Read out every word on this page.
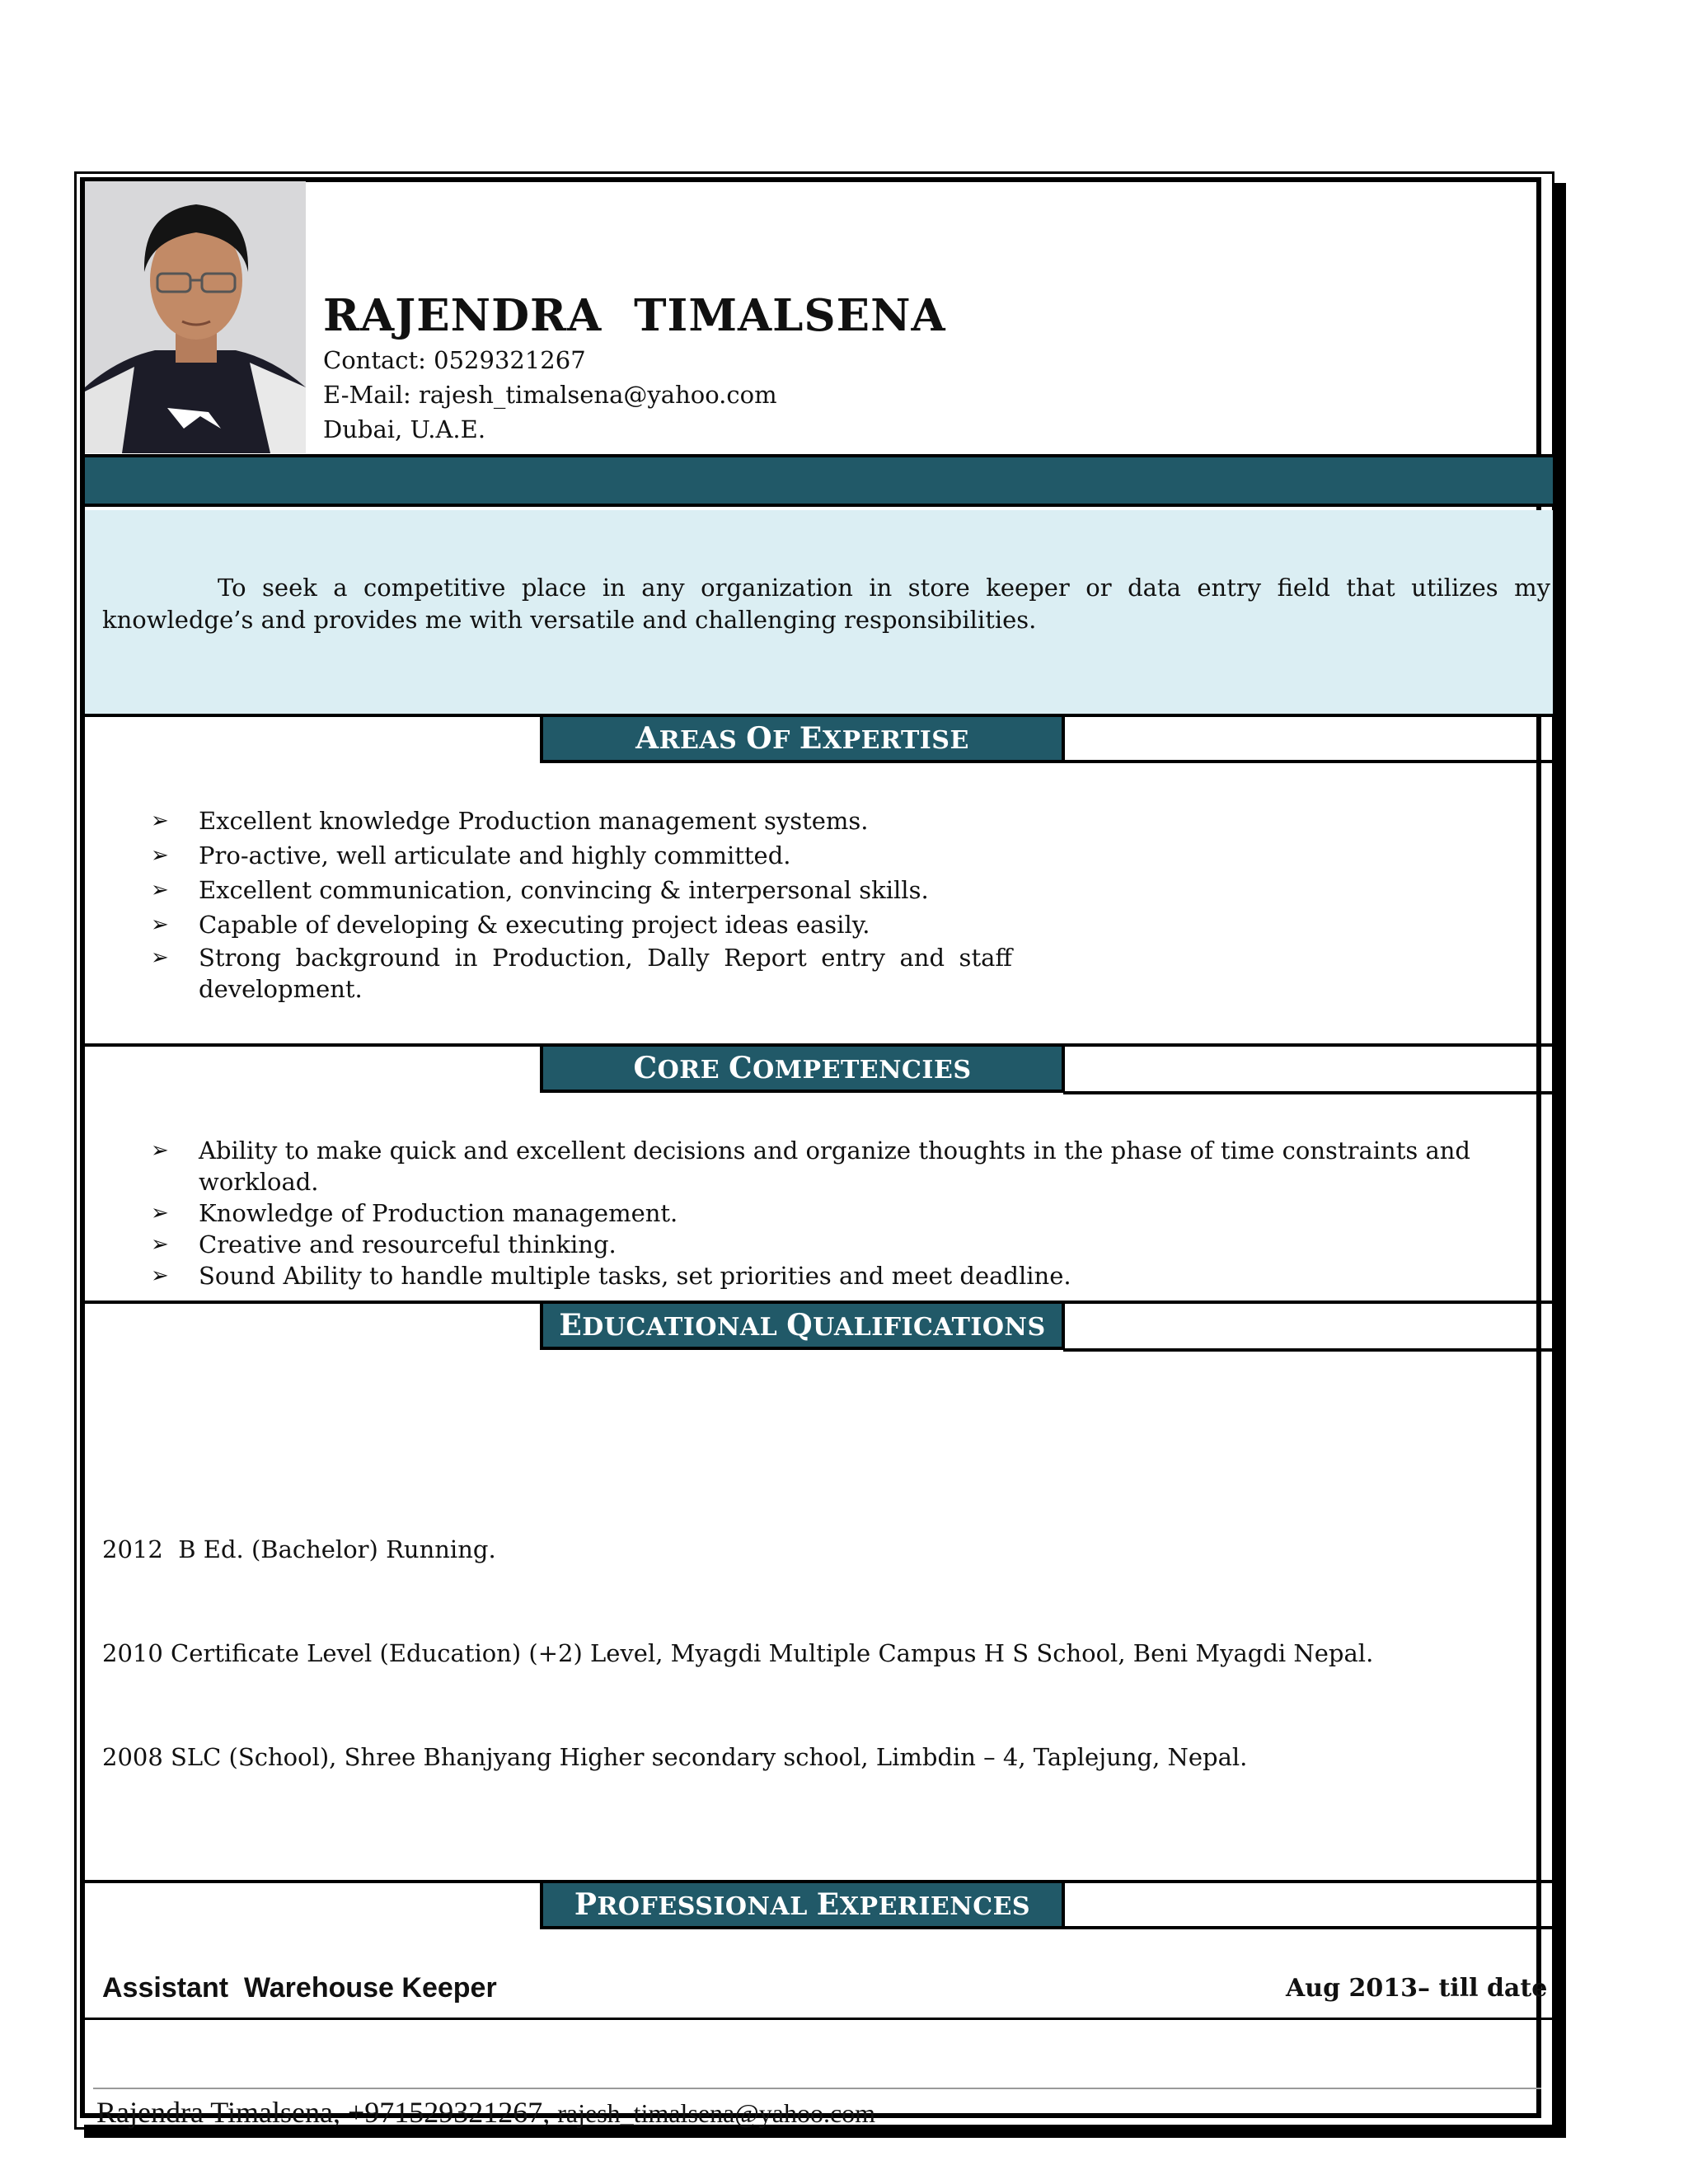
RAJENDRA  TIMALSENA
Contact: 0529321267
E-Mail: rajesh_timalsena@yahoo.com
Dubai, U.A.E.
To seek a competitive place in any organization in store keeper or data entry field that utilizes my knowledge’s and provides me with versatile and challenging responsibilities.
AREAS OF EXPERTISE
➢ Excellent knowledge Production management systems.
➢ Pro-active, well articulate and highly committed.
➢ Excellent communication, convincing & interpersonal skills.
➢ Capable of developing & executing project ideas easily.
➢ Strong background in Production, Dally Report entry and staff development.
CORE COMPETENCIES
➢ Ability to make quick and excellent decisions and organize thoughts in the phase of time constraints and workload.
➢ Knowledge of Production management.
➢ Creative and resourceful thinking.
➢ Sound Ability to handle multiple tasks, set priorities and meet deadline.
EDUCATIONAL QUALIFICATIONS

2012  B Ed. (Bachelor) Running.

2010 Certificate Level (Education) (+2) Level, Myagdi Multiple Campus H S School, Beni Myagdi Nepal.

2008 SLC (School), Shree Bhanjyang Higher secondary school, Limbdin – 4, Taplejung, Nepal.

PROFESSIONAL EXPERIENCES
Assistant  Warehouse Keeper	Aug 2013– till date
Rajendra Timalsena, +971529321267, rajesh_timalsena@yahoo.com
